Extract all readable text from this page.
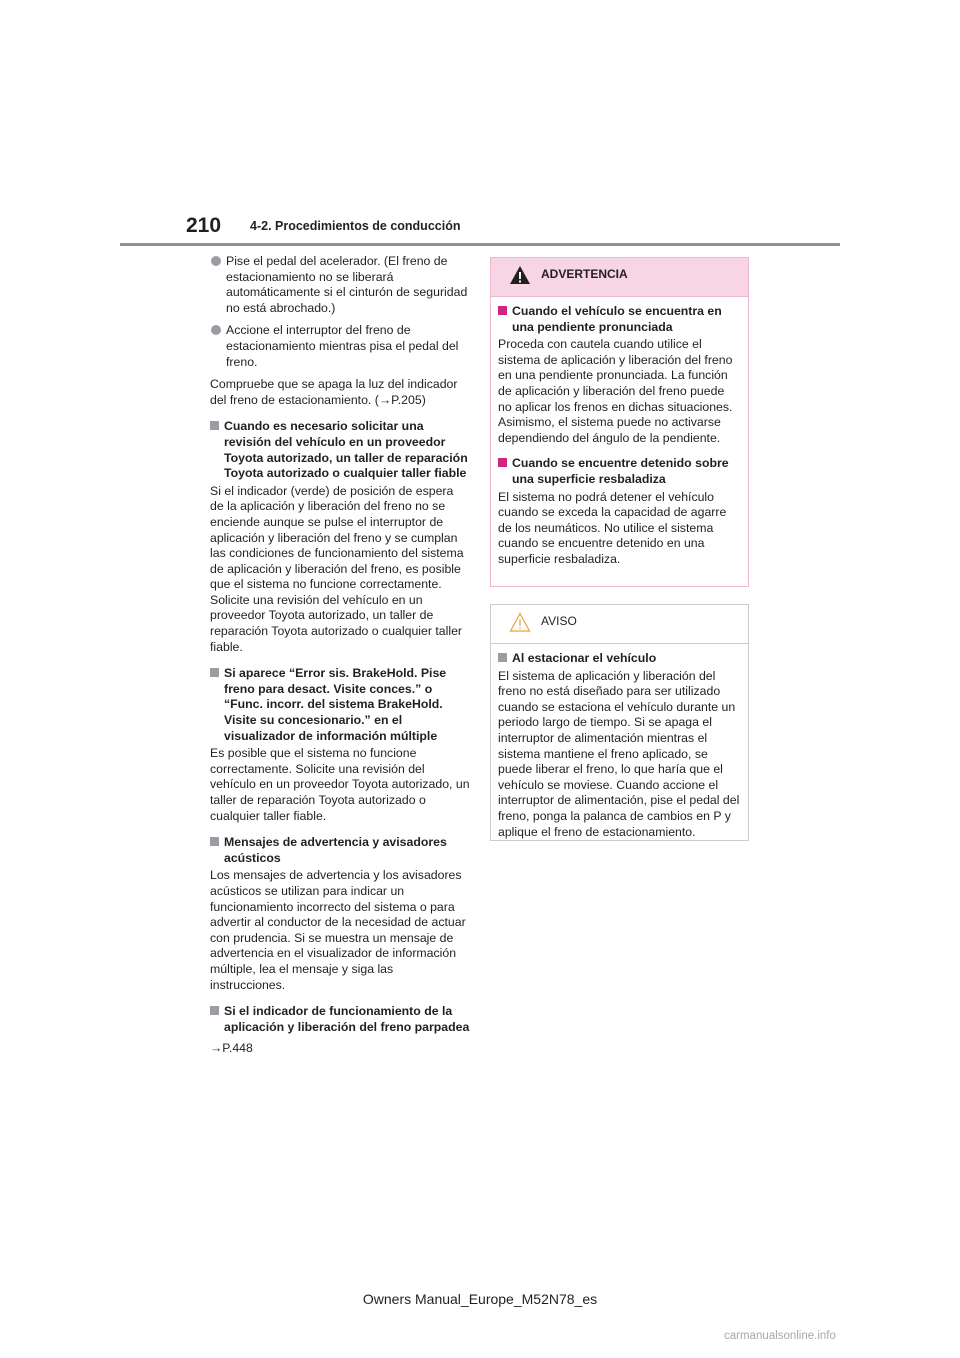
210 4-2. Procedimientos de conducción
Pise el pedal del acelerador. (El freno de estacionamiento no se liberará automáticamente si el cinturón de seguridad no está abrochado.)
Accione el interruptor del freno de estacionamiento mientras pisa el pedal del freno.
Compruebe que se apaga la luz del indicador del freno de estacionamiento. (→P.205)
Cuando es necesario solicitar una revisión del vehículo en un proveedor Toyota autorizado, un taller de reparación Toyota autorizado o cualquier taller fiable
Si el indicador (verde) de posición de espera de la aplicación y liberación del freno no se enciende aunque se pulse el interruptor de aplicación y liberación del freno y se cumplan las condiciones de funcionamiento del sistema de aplicación y liberación del freno, es posible que el sistema no funcione correctamente. Solicite una revisión del vehículo en un proveedor Toyota autorizado, un taller de reparación Toyota autorizado o cualquier taller fiable.
Si aparece “Error sis. BrakeHold. Pise freno para desact. Visite conces.” o “Func. incorr. del sistema BrakeHold. Visite su concesionario.” en el visualizador de información múltiple
Es posible que el sistema no funcione correctamente. Solicite una revisión del vehículo en un proveedor Toyota autorizado, un taller de reparación Toyota autorizado o cualquier taller fiable.
Mensajes de advertencia y avisadores acústicos
Los mensajes de advertencia y los avisadores acústicos se utilizan para indicar un funcionamiento incorrecto del sistema o para advertir al conductor de la necesidad de actuar con prudencia. Si se muestra un mensaje de advertencia en el visualizador de información múltiple, lea el mensaje y siga las instrucciones.
Si el indicador de funcionamiento de la aplicación y liberación del freno parpadea
→P.448
ADVERTENCIA
Cuando el vehículo se encuentra en una pendiente pronunciada
Proceda con cautela cuando utilice el sistema de aplicación y liberación del freno en una pendiente pronunciada. La función de aplicación y liberación del freno puede no aplicar los frenos en dichas situaciones.
Asimismo, el sistema puede no activarse dependiendo del ángulo de la pendiente.
Cuando se encuentre detenido sobre una superficie resbaladiza
El sistema no podrá detener el vehículo cuando se exceda la capacidad de agarre de los neumáticos. No utilice el sistema cuando se encuentre detenido en una superficie resbaladiza.
AVISO
Al estacionar el vehículo
El sistema de aplicación y liberación del freno no está diseñado para ser utilizado cuando se estaciona el vehículo durante un periodo largo de tiempo. Si se apaga el interruptor de alimentación mientras el sistema mantiene el freno aplicado, se puede liberar el freno, lo que haría que el vehículo se moviese. Cuando accione el interruptor de alimentación, pise el pedal del freno, ponga la palanca de cambios en P y aplique el freno de estacionamiento.
Owners Manual_Europe_M52N78_es
carmanualsonline.info
